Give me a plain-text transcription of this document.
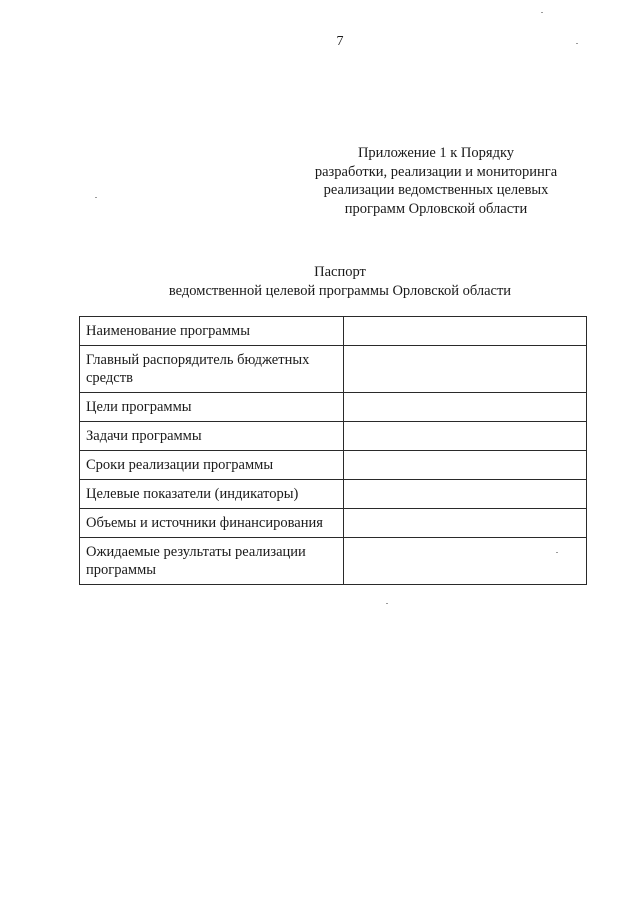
7
Приложение 1 к Порядку
разработки, реализации и мониторинга
реализации ведомственных целевых
программ Орловской области
Паспорт
ведомственной целевой программы Орловской области
Наименование программы	
Главный распорядитель бюджетных средств	
Цели программы	
Задачи программы	
Сроки реализации программы	
Целевые показатели (индикаторы)	
Объемы и источники финансирования	
Ожидаемые результаты реализации программы	
